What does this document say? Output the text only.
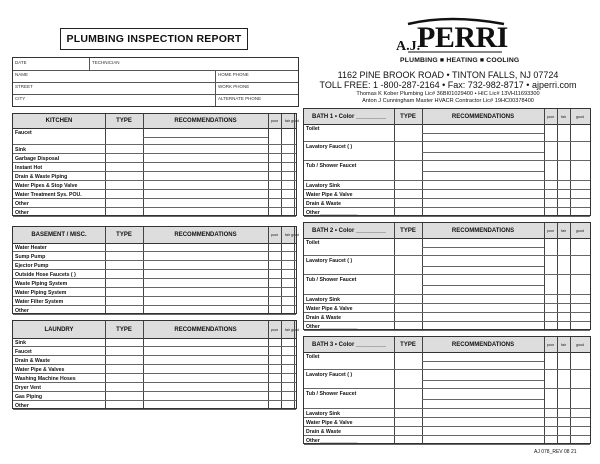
PLUMBING INSPECTION REPORT	A.J.
PERRI
PLUMBING ■ HEATING ■ COOLING
1162 PINE BROOK ROAD • TINTON FALLS, NJ 07724
TOLL FREE: 1 -800-287-2164 • Fax: 732-982-8717 • ajperri.com
Thomas K Kober Plumbing Lic# 36BI01029400 • HIC Lic# 13VH11693300
Anton J Cunningham Master HVACR Contractor Lic# 19HC00378400
DATE	TECHNICIAN
NAME	HOME PHONE
STREET	WORK PHONE
CITY	ALTERNATE PHONE
KITCHEN	TYPE	RECOMMENDATIONS	poor	fair good
Faucet
Sink
Garbage Disposal
Instant Hot
Drain & Waste Piping
Water Pipes & Stop Valve
Water Treatment Sys. POU.
Other
Other
BASEMENT / MISC.	TYPE	RECOMMENDATIONS	poor	fair good
Water Heater
Sump Pump
Ejector Pump
Outside Hose Faucets ( )
Waste Piping System
Water Piping System
Water Filter System
Other
LAUNDRY	TYPE	RECOMMENDATIONS	poor	fair good
Sink
Faucet
Drain & Waste
Water Pipe & Valves
Washing Machine Hoses
Dryer Vent
Gas Piping
Other
BATH 1 • Color _________	TYPE	RECOMMENDATIONS	poor	fair	good
Toilet
Lavatory Faucet ( )
Tub / Shower Faucet
Lavatory Sink
Water Pipe & Valve
Drain & Waste
Other_____________
BATH 2 • Color _________	TYPE	RECOMMENDATIONS	poor	fair	good
Toilet
Lavatory Faucet ( )
Tub / Shower Faucet
Lavatory Sink
Water Pipe & Valve
Drain & Waste
Other_____________
BATH 3 • Color _________	TYPE	RECOMMENDATIONS	poor	fair	good
Toilet
Lavatory Faucet ( )
Tub / Shower Faucet
Lavatory Sink
Water Pipe & Valve
Drain & Waste
Other_____________
AJ 078_REV 08 21
